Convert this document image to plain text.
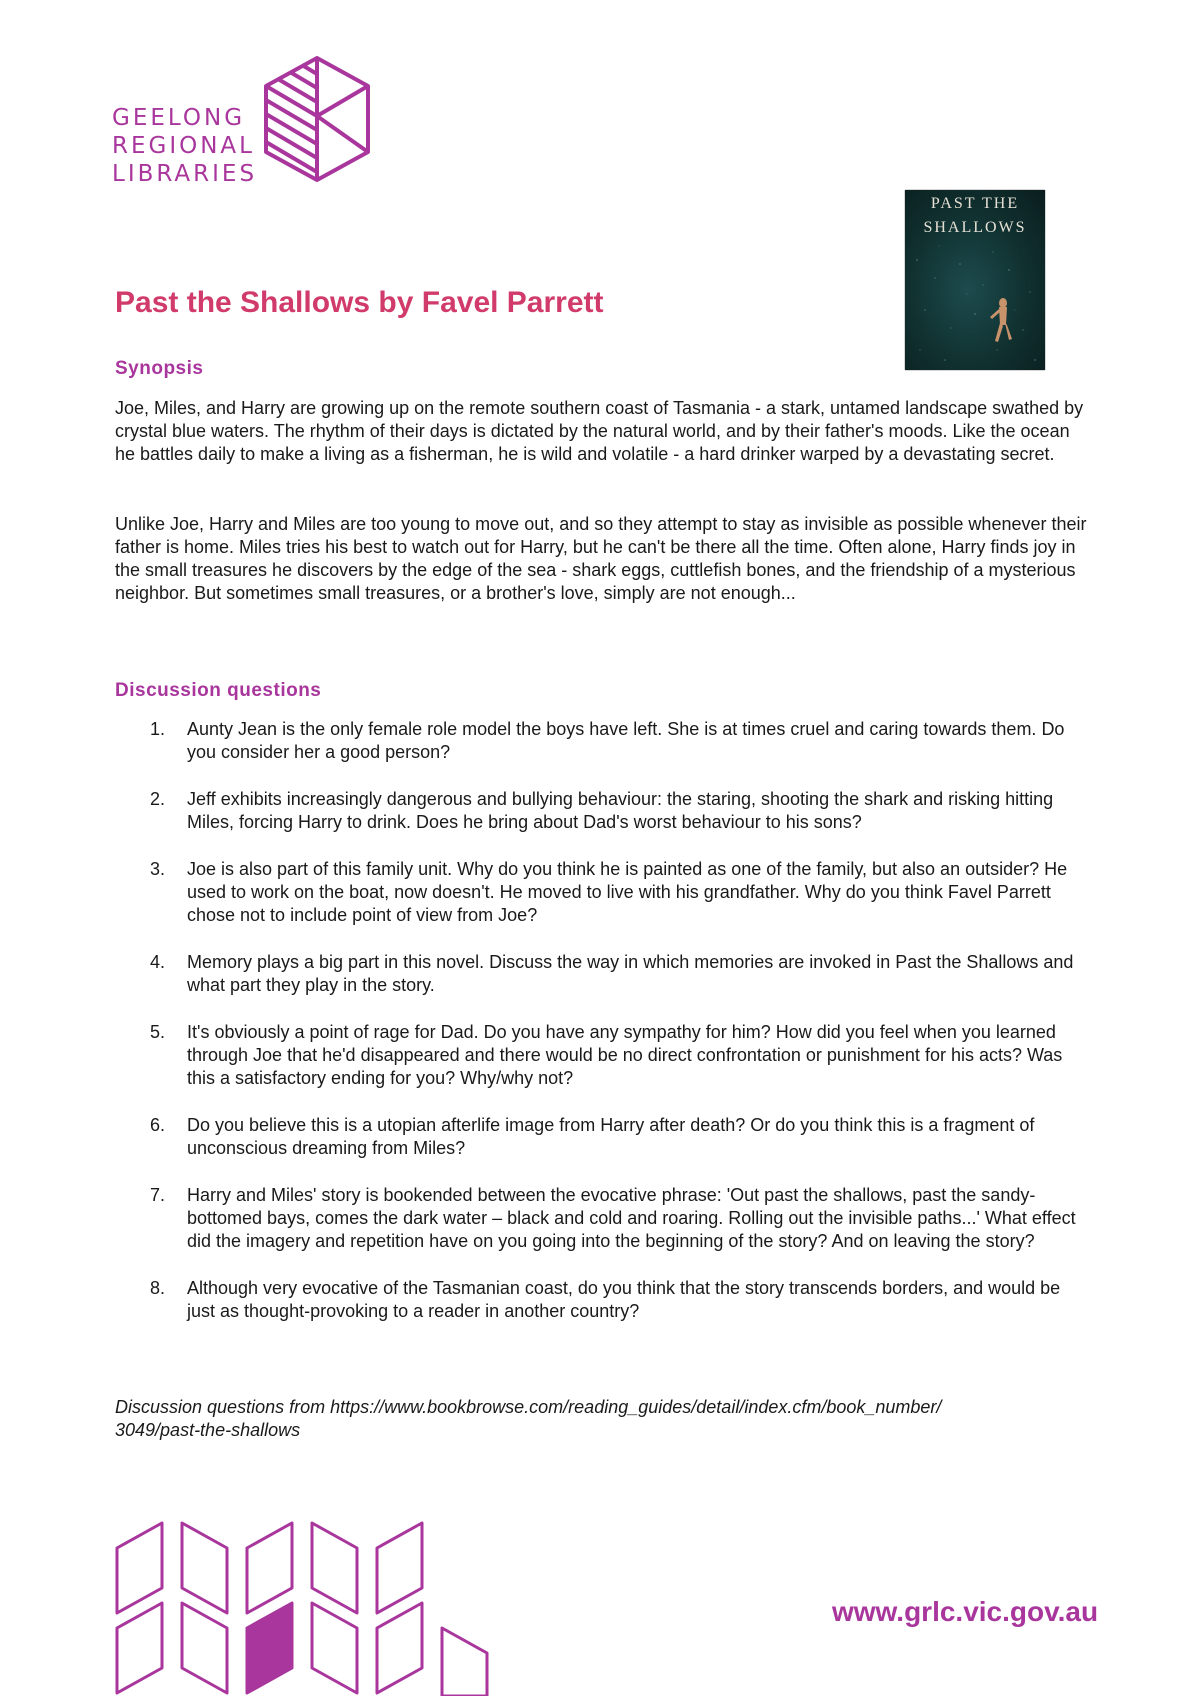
GEELONG
REGIONAL
LIBRARIES
PAST THE
SHALLOWS
Past the Shallows by Favel Parrett
Synopsis

Joe, Miles, and Harry are growing up on the remote southern coast of Tasmania - a stark, untamed landscape swathed by crystal blue waters. The rhythm of their days is dictated by the natural world, and by their father's moods. Like the ocean he battles daily to make a living as a fisherman, he is wild and volatile - a hard drinker warped by a devastating secret.

Unlike Joe, Harry and Miles are too young to move out, and so they attempt to stay as invisible as possible whenever their father is home. Miles tries his best to watch out for Harry, but he can't be there all the time. Often alone, Harry finds joy in the small treasures he discovers by the edge of the sea - shark eggs, cuttlefish bones, and the friendship of a mysterious neighbor. But sometimes small treasures, or a brother's love, simply are not enough...

Discussion questions
1.	Aunty Jean is the only female role model the boys have left. She is at times cruel and caring towards them. Do you consider her a good person?
2.	Jeff exhibits increasingly dangerous and bullying behaviour: the staring, shooting the shark and risking hitting Miles, forcing Harry to drink. Does he bring about Dad's worst behaviour to his sons?
3.	Joe is also part of this family unit. Why do you think he is painted as one of the family, but also an outsider? He used to work on the boat, now doesn't. He moved to live with his grandfather. Why do you think Favel Parrett chose not to include point of view from Joe?
4.	Memory plays a big part in this novel. Discuss the way in which memories are invoked in Past the Shallows and what part they play in the story.
5.	It's obviously a point of rage for Dad. Do you have any sympathy for him? How did you feel when you learned through Joe that he'd disappeared and there would be no direct confrontation or punishment for his acts? Was this a satisfactory ending for you? Why/why not?
6.	Do you believe this is a utopian afterlife image from Harry after death? Or do you think this is a fragment of unconscious dreaming from Miles?
7.	Harry and Miles' story is bookended between the evocative phrase: 'Out past the shallows, past the sandy-bottomed bays, comes the dark water – black and cold and roaring. Rolling out the invisible paths...' What effect did the imagery and repetition have on you going into the beginning of the story? And on leaving the story?
8.	Although very evocative of the Tasmanian coast, do you think that the story transcends borders, and would be just as thought-provoking to a reader in another country?

Discussion questions from https://www.bookbrowse.com/reading_guides/detail/index.cfm/book_number/
3049/past-the-shallows

www.grlc.vic.gov.au
